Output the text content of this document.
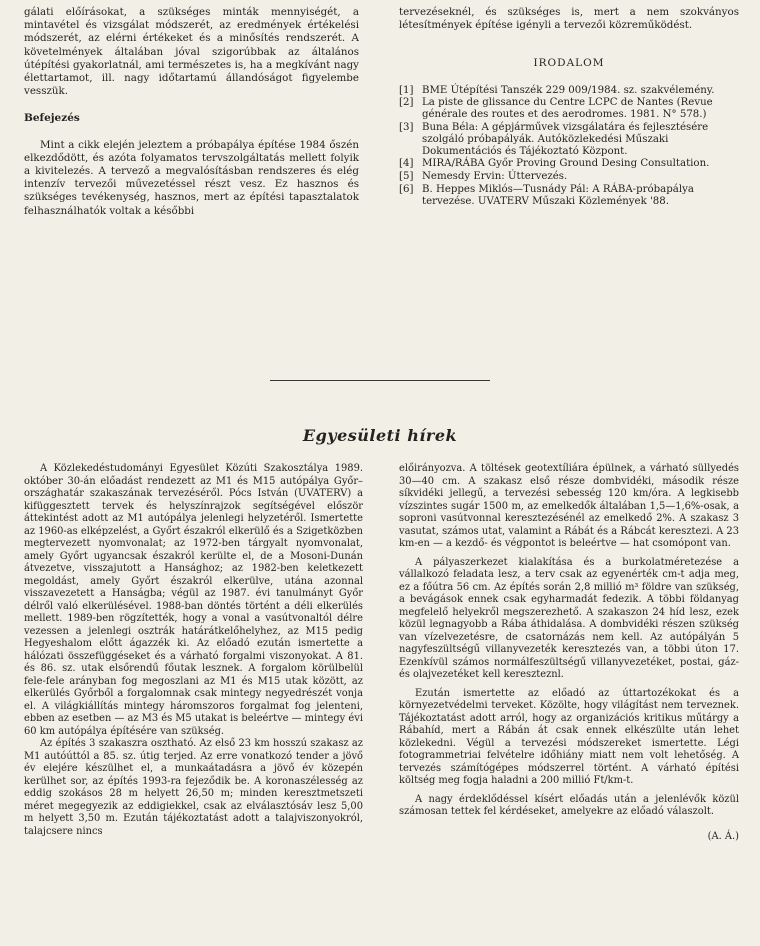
gálati előírásokat, a szükséges minták mennyiségét, a mintavétel és vizsgálat módszerét, az eredmények értékelési módszerét, az elérni értékeket és a minősítés rendszerét. A követelmények általában jóval szigorúbbak az általános útépítési gyakorlatnál, ami természetes is, ha a megkívánt nagy élettartamot, ill. nagy időtartamú állandóságot figyelembe vesszük.

Befejezés

Mint a cikk elején jeleztem a próbapálya építése 1984 őszén elkezdődött, és azóta folyamatos tervszolgáltatás mellett folyik a kivitelezés. A tervező a megvalósításban rendszeres és elég intenzív tervezői művezetéssel részt vesz. Ez hasznos és szükséges tevékenység, hasznos, mert az építési tapasztalatok felhasználhatók voltak a későbbi

tervezéseknél, és szükséges is, mert a nem szokványos létesítmények építése igényli a tervezői közreműködést.

IRODALOM
[1] BME Útépítési Tanszék 229 009/1984. sz. szakvélemény.
[2] La piste de glissance du Centre LCPC de Nantes (Revue générale des routes et des aerodromes. 1981. N° 578.)
[3] Buna Béla: A gépjárművek vizsgálatára és fejlesztésére szolgáló próbapályák. Autóközlekedési Műszaki Dokumentációs és Tájékoztató Központ.
[4] MIRA/RÁBA Győr Proving Ground Desing Consultation.
[5] Nemesdy Ervin: Úttervezés.
[6] B. Heppes Miklós—Tusnády Pál: A RÁBA-próbapálya tervezése. UVATERV Műszaki Közlemények '88.
Egyesületi hírek

A Közlekedéstudományi Egyesület Közúti Szakosztálya 1989. október 30-án előadást rendezett az M1 és M15 autópálya Győr–országhatár szakaszának tervezéséről. Pócs István (UVATERV) a kifüggesztett tervek és helyszínrajzok segítségével először áttekintést adott az M1 autópálya jelenlegi helyzetéről. Ismertette az 1960-as elképzelést, a Győrt északról elkerülő és a Szigetközben megtervezett nyomvonalat; az 1972-ben tárgyalt nyomvonalat, amely Győrt ugyancsak északról kerülte el, de a Mosoni-Dunán átvezetve, visszajutott a Hansághoz; az 1982-ben keletkezett megoldást, amely Győrt északról elkerülve, utána azonnal visszavezetett a Hanságba; végül az 1987. évi tanulmányt Győr délről való elkerülésével. 1988-ban döntés történt a déli elkerülés mellett. 1989-ben rögzítették, hogy a vonal a vasútvonaltól délre vezessen a jelenlegi osztrák határátkelőhelyhez, az M15 pedig Hegyeshalom előtt ágazzék ki. Az előadó ezután ismertette a hálózati összefüggéseket és a várható forgalmi viszonyokat. A 81. és 86. sz. utak elsőrendű főutak lesznek. A forgalom körülbelül fele-fele arányban fog megoszlani az M1 és M15 utak között, az elkerülés Győrből a forgalomnak csak mintegy negyedrészét vonja el. A világkiállítás mintegy háromszoros forgalmat fog jelenteni, ebben az esetben — az M3 és M5 utakat is beleértve — mintegy évi 60 km autópálya építésére van szükség.

Az építés 3 szakaszra osztható. Az első 23 km hosszú szakasz az M1 autóúttól a 85. sz. útig terjed. Az erre vonatkozó tender a jövő év elejére készülhet el, a munkaátadásra a jövő év közepén kerülhet sor, az építés 1993-ra fejeződik be. A koronaszélesség az eddig szokásos 28 m helyett 26,50 m; minden keresztmetszeti méret megegyezik az eddigiekkel, csak az elválasztósáv lesz 5,00 m helyett 3,50 m. Ezután tájékoztatást adott a talajviszonyokról, talajcsere nincs

előirányozva. A töltések geotextíliára épülnek, a várható süllyedés 30—40 cm. A szakasz első része dombvidéki, második része síkvidéki jellegű, a tervezési sebesség 120 km/óra. A legkisebb vízszintes sugár 1500 m, az emelkedők általában 1,5—1,6%-osak, a soproni vasútvonnal keresztezésénél az emelkedő 2%. A szakasz 3 vasutat, számos utat, valamint a Rábát és a Rábcát keresztezi. A 23 km-en — a kezdő- és végpontot is beleértve — hat csomópont van.

A pályaszerkezet kialakítása és a burkolatméretezése a vállalkozó feladata lesz, a terv csak az egyenérték cm-t adja meg, ez a főútra 56 cm. Az építés során 2,8 millió m³ földre van szükség, a bevágások ennek csak egyharmadát fedezik. A többi földanyag megfelelő helyekről megszerezhető. A szakaszon 24 híd lesz, ezek közül legnagyobb a Rába áthidalása. A dombvidéki részen szükség van vízelvezetésre, de csatornázás nem kell. Az autópályán 5 nagyfeszültségű villanyvezeték keresztezés van, a többi úton 17. Ezenkívül számos normálfeszültségű villanyvezetéket, postai, gáz- és olajvezetéket kell kereszteznl.

Ezután ismertette az előadó az úttartozékokat és a környezetvédelmi terveket. Közölte, hogy világítást nem terveznek. Tájékoztatást adott arról, hogy az organizációs kritikus műtárgy a Rábahíd, mert a Rábán át csak ennek elkészülte után lehet közlekedni. Végül a tervezési módszereket ismertette. Légi fotogrammetriai felvételre időhiány miatt nem volt lehetőség. A tervezés számítógépes módszerrel történt. A várható építési költség meg fogja haladni a 200 millió Ft/km-t.

A nagy érdeklődéssel kísért előadás után a jelenlévők közül számosan tettek fel kérdéseket, amelyekre az előadó válaszolt.

(A. Á.)
